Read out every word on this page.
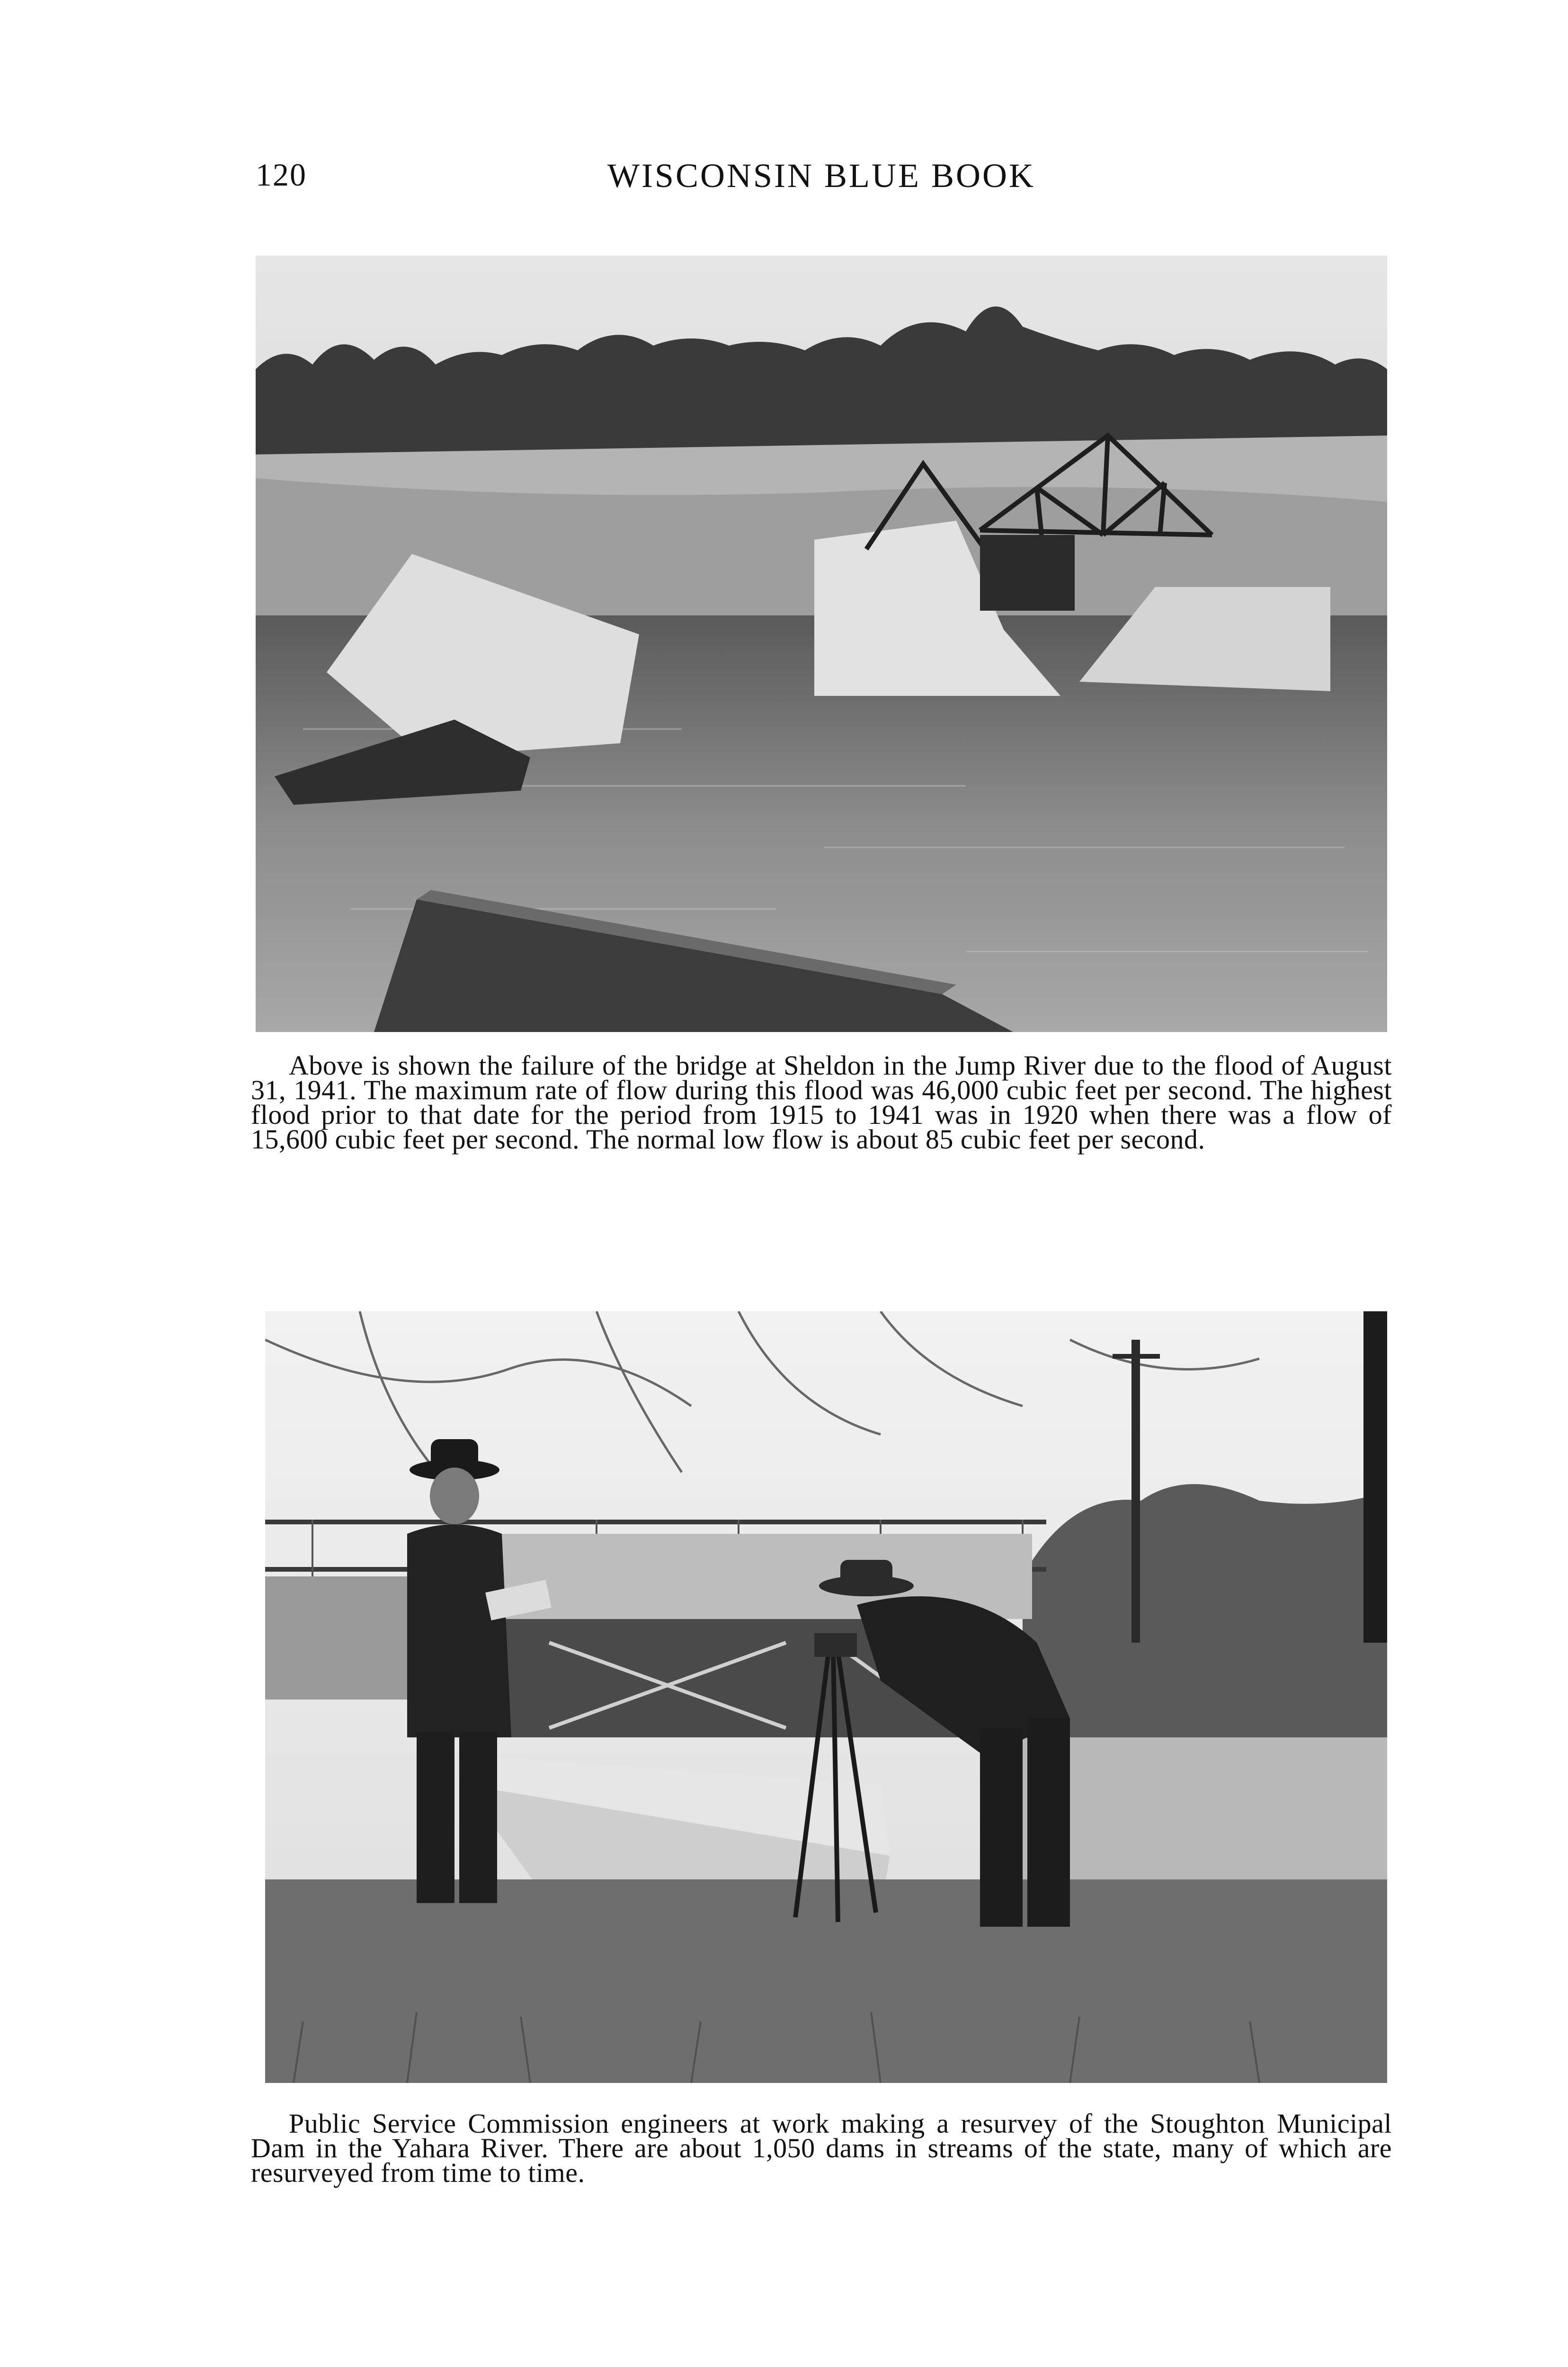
120	WISCONSIN BLUE BOOK
Above is shown the failure of the bridge at Sheldon in the Jump River due to the flood of August 31, 1941. The maximum rate of flow during this flood was 46,000 cubic feet per second. The highest flood prior to that date for the period from 1915 to 1941 was in 1920 when there was a flow of 15,600 cubic feet per second. The normal low flow is about 85 cubic feet per second.
Public Service Commission engineers at work making a resurvey of the Stoughton Municipal Dam in the Yahara River. There are about 1,050 dams in streams of the state, many of which are resurveyed from time to time.
